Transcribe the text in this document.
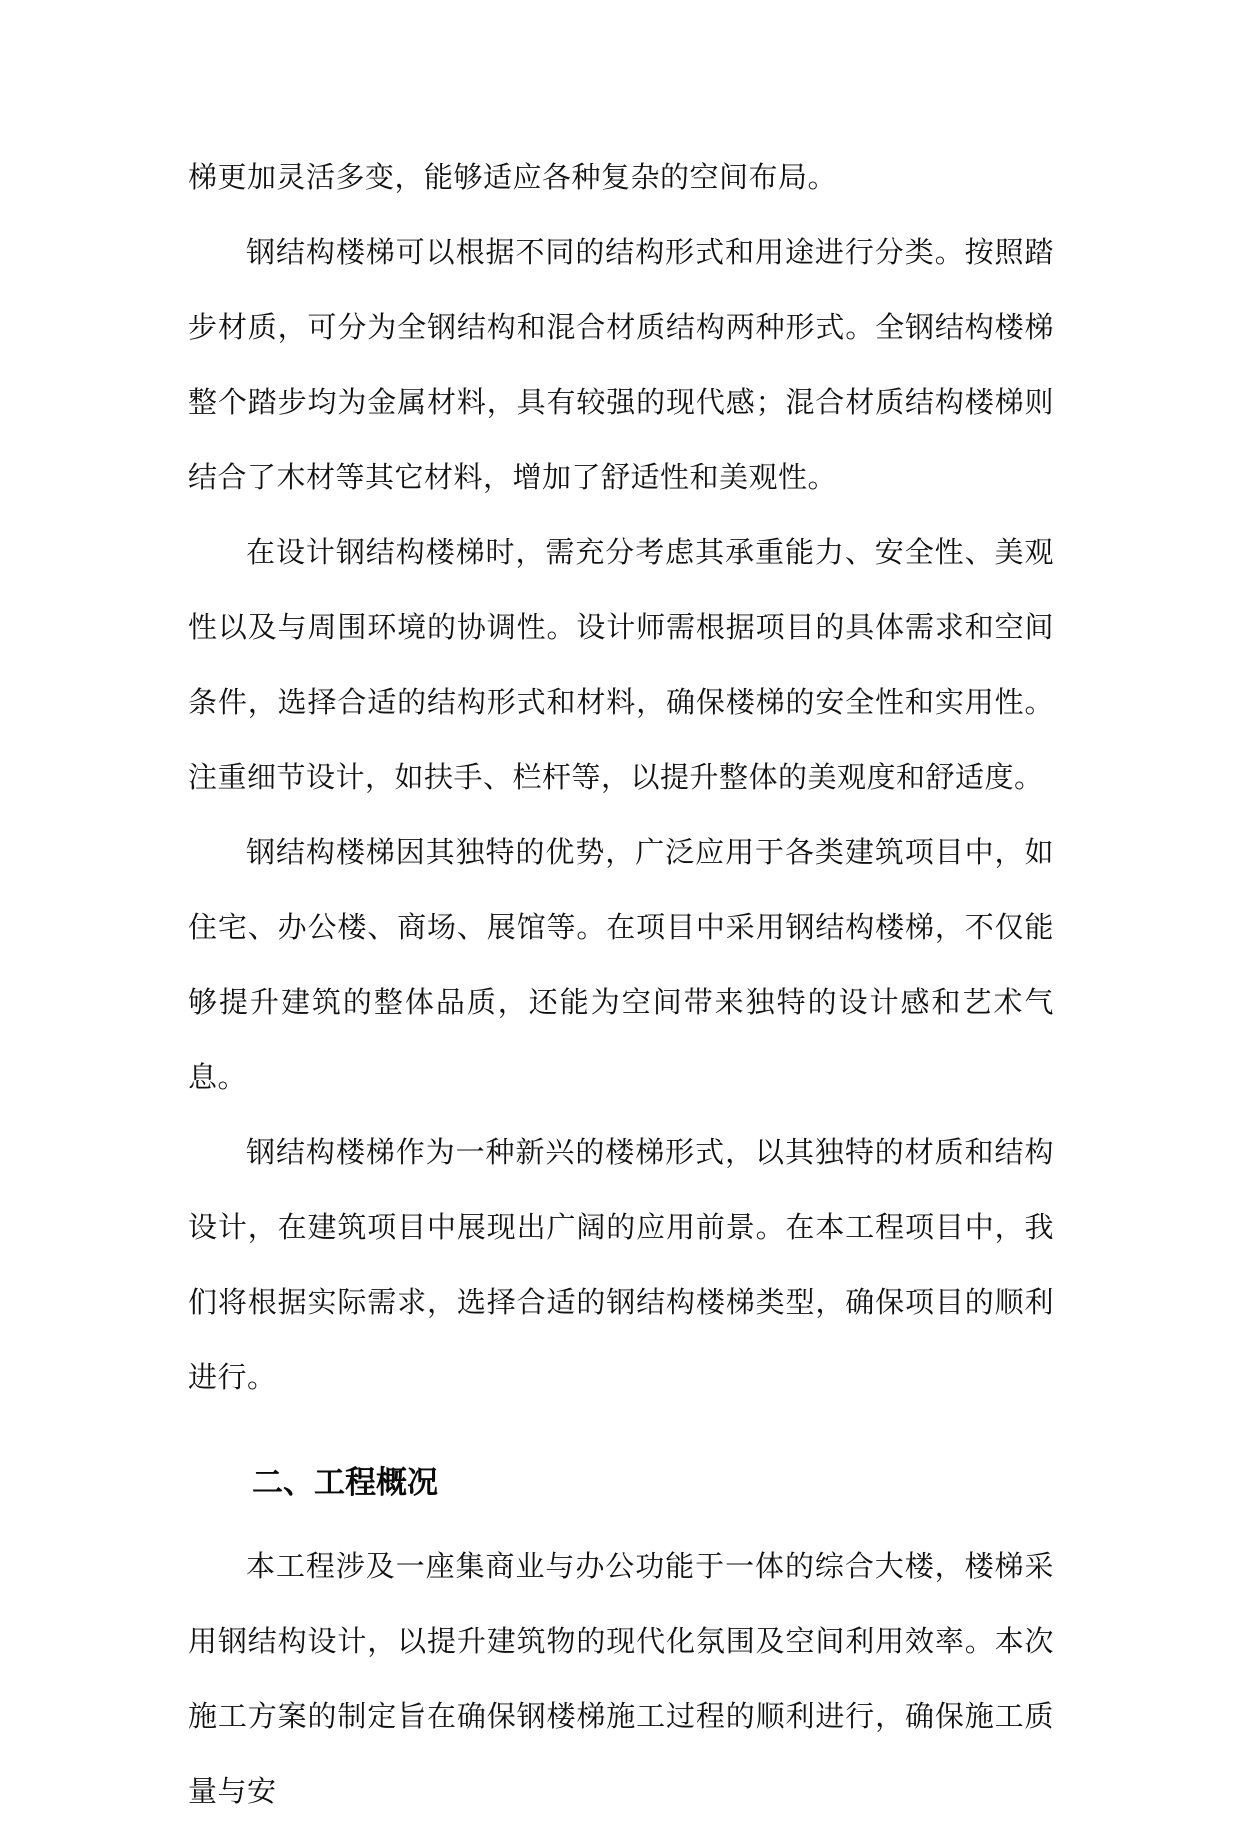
梯更加灵活多变，能够适应各种复杂的空间布局。

钢结构楼梯可以根据不同的结构形式和用途进行分类。按照踏步材质，可分为全钢结构和混合材质结构两种形式。全钢结构楼梯整个踏步均为金属材料，具有较强的现代感；混合材质结构楼梯则结合了木材等其它材料，增加了舒适性和美观性。

在设计钢结构楼梯时，需充分考虑其承重能力、安全性、美观性以及与周围环境的协调性。设计师需根据项目的具体需求和空间条件，选择合适的结构形式和材料，确保楼梯的安全性和实用性。注重细节设计，如扶手、栏杆等，以提升整体的美观度和舒适度。

钢结构楼梯因其独特的优势，广泛应用于各类建筑项目中，如住宅、办公楼、商场、展馆等。在项目中采用钢结构楼梯，不仅能够提升建筑的整体品质，还能为空间带来独特的设计感和艺术气息。

钢结构楼梯作为一种新兴的楼梯形式，以其独特的材质和结构设计，在建筑项目中展现出广阔的应用前景。在本工程项目中，我们将根据实际需求，选择合适的钢结构楼梯类型，确保项目的顺利进行。

二、工程概况

本工程涉及一座集商业与办公功能于一体的综合大楼，楼梯采用钢结构设计，以提升建筑物的现代化氛围及空间利用效率。本次施工方案的制定旨在确保钢楼梯施工过程的顺利进行，确保施工质量与安
